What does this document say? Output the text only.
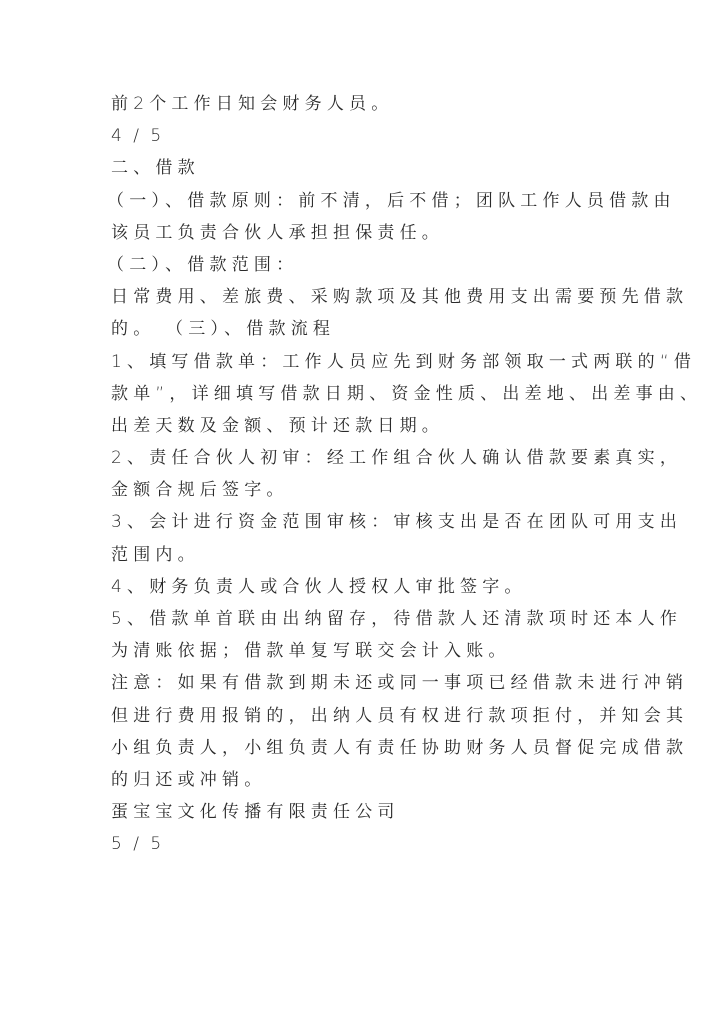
前2个工作日知会财务人员。
4 / 5
二、借款
（一）、借款原则：前不清，后不借；团队工作人员借款由
该员工负责合伙人承担担保责任。
（二）、借款范围：
日常费用、差旅费、采购款项及其他费用支出需要预先借款
的。 （三）、借款流程
1、填写借款单：工作人员应先到财务部领取一式两联的“借
款单”，详细填写借款日期、资金性质、出差地、出差事由、
出差天数及金额、预计还款日期。
2、责任合伙人初审：经工作组合伙人确认借款要素真实，
金额合规后签字。
3、会计进行资金范围审核：审核支出是否在团队可用支出
范围内。
4、财务负责人或合伙人授权人审批签字。
5、借款单首联由出纳留存，待借款人还清款项时还本人作
为清账依据；借款单复写联交会计入账。
注意：如果有借款到期未还或同一事项已经借款未进行冲销
但进行费用报销的，出纳人员有权进行款项拒付，并知会其
小组负责人，小组负责人有责任协助财务人员督促完成借款
的归还或冲销。
蛋宝宝文化传播有限责任公司
5 / 5
